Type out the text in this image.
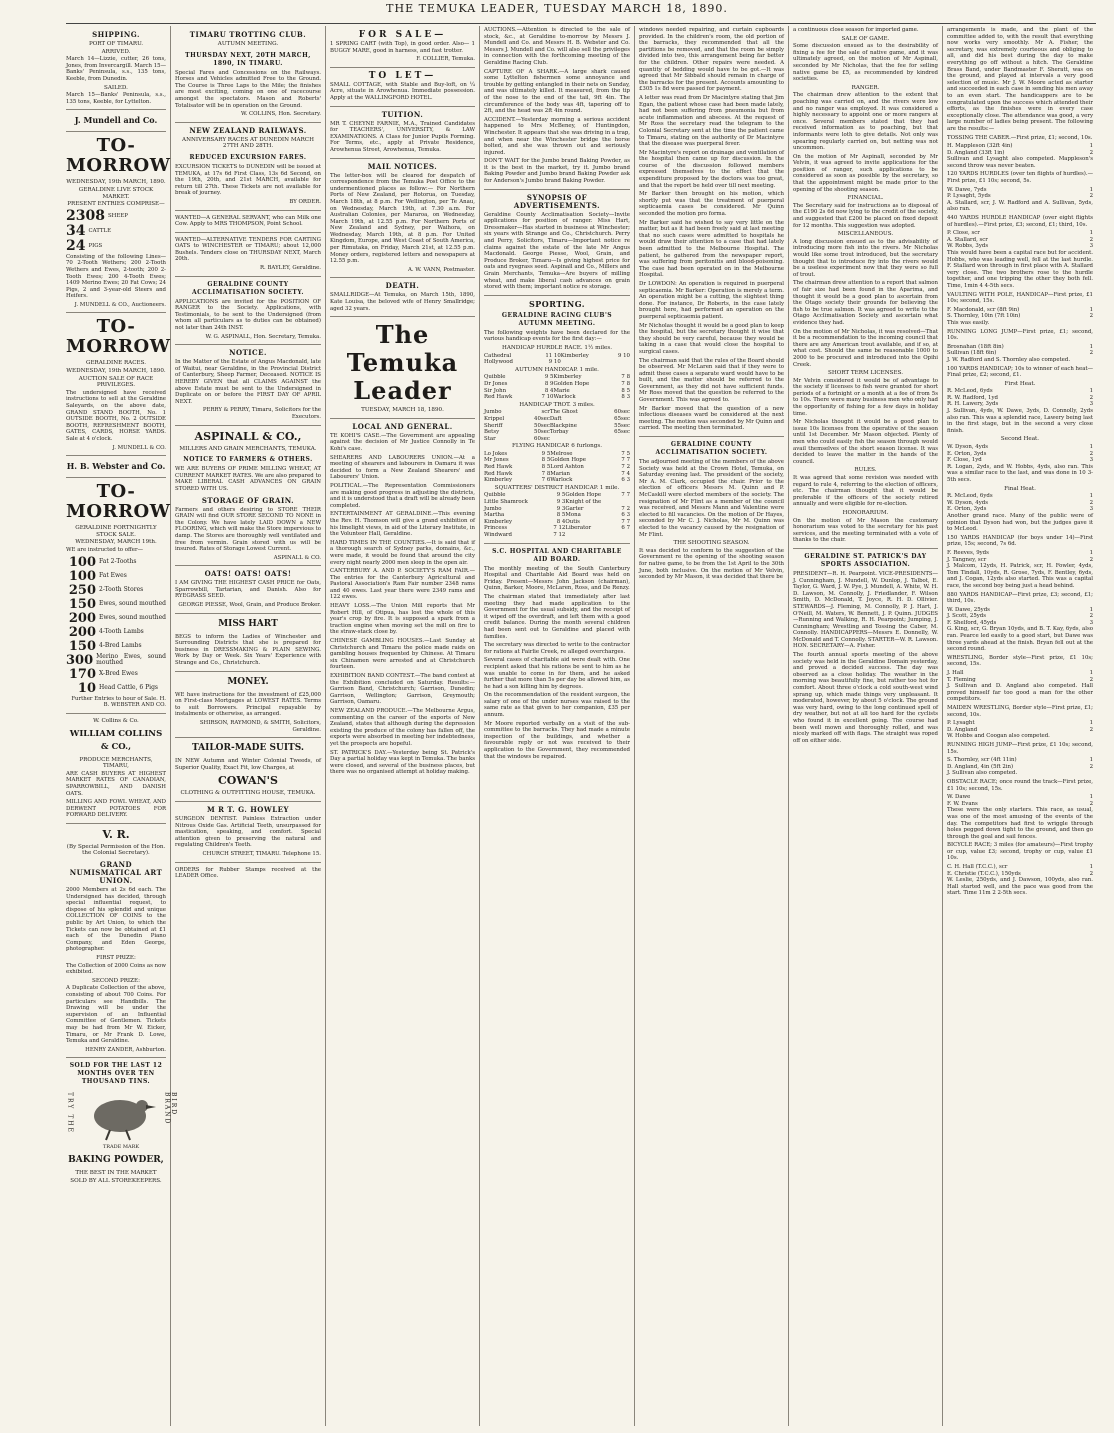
THE TEMUKA LEADER, TUESDAY MARCH 18, 1890.
SHIPPING.
PORT OF TIMARU.
ARRIVED.

March 14—Lizzie, cutter, 26 tons, Jones, from Invercargill. March 15—Banks' Peninsula, s.s., 135 tons, Keeble, from Dunedin.

SAILED.

March 15—Banks' Peninsula, s.s., 135 tons, Keeble, for Lyttelton.

J. Mundell and Co.
TO-MORROW
WEDNESDAY, 19th MARCH, 1890.
GERALDINE LIVE STOCK MARKET.
PRESENT ENTRIES COMPRISE—
2308 SHEEP
34 CATTLE
24 PIGS

Consisting of the following Lines— 70 2-Tooth Wethers; 200 2-Tooth Wethers and Ewes, 2-tooth; 200 2-Tooth Ewes; 200 4-Tooth Ewes; 1409 Merino Ewes; 20 Fat Cows; 24 Pigs, 2 and 3-year-old Steers and Heifers.

J. MUNDELL & CO., Auctioneers.

TO-MORROW
GERALDINE RACES.
WEDNESDAY, 19th MARCH, 1890.
AUCTION SALE OF RACE PRIVILEGES.

The undersigned have received instructions to sell at the Geraldine Saleyards, on the above date, GRAND STAND BOOTH, No. 1 OUTSIDE BOOTH, No. 2 OUTSIDE BOOTH, REFRESHMENT BOOTH, GATES, CARDS, HORSE YARDS. Sale at 4 o'clock.

J. MUNDELL & CO.

H. B. Webster and Co.
TO-MORROW
GERALDINE FORTNIGHTLY STOCK SALE.
WEDNESDAY, MARCH 19th.

WE are instructed to offer—

100 Fat 2-Tooths
100 Fat Ewes
250 2-Tooth Stores
150 Ewes, sound mouthed
200 Ewes, sound mouthed
200 4-Tooth Lambs
150 4-Bred Lambs
300 Merino Ewes, sound mouthed
170 X-Bred Ewes
10 Head Cattle, 6 Pigs

Further Entries to hour of Sale. H. B. WEBSTER AND CO.

W. Collins & Co.
WILLIAM COLLINS & CO.,
PRODUCE MERCHANTS, TIMARU,

ARE CASH BUYERS AT HIGHEST MARKET RATES OF CANADIAN, SPARROWBILL, AND DANISH OATS.

MILLING AND FOWL WHEAT, AND DERWENT POTATOES FOR FORWARD DELIVERY.

V. R.
(By Special Permission of the Hon. the Colonial Secretary).
GRAND NUMISMATICAL ART UNION.

2000 Members at 2s 6d each. The Undersigned has decided, through special influential request, to dispose of his splendid and unique COLLECTION OF COINS to the public by Art Union, to which the Tickets can now be obtained at £1 each of the Dunedin Piano Company, and Eden George, photographer.

FIRST PRIZE:

The Collection of 2000 Coins as now exhibited.

SECOND PRIZE:

A Duplicate Collection of the above, consisting of about 700 Coins. For particulars see Handbills. The Drawing will be under the supervision of an Influential Committee of Gentlemen. Tickets may be had from Mr W. Eicker, Timaru, or Mr Frank D. Lowe, Temuka and Geraldine.

HENRY ZANDER, Ashburton.

SOLD FOR THE LAST 12 MONTHS OVER TEN THOUSAND TINS.
TRY THE	BIRD BRAND
TRADE MARK
BAKING POWDER,
THE BEST IN THE MARKET
SOLD BY ALL STOREKEEPERS.
TIMARU TROTTING CLUB.
AUTUMN MEETING.
THURSDAY NEXT, 20TH MARCH, 1890, IN TIMARU.

Special Fares and Concessions on the Railways. Horses and Vehicles admitted Free to the Ground. The Course is Three Laps to the Mile; the finishes are most exciting, coming on one of racecourse amongst the spectators. Mason and Roberts' Totalisator will be in operation on the Ground.

W. COLLINS, Hon. Secretary.

NEW ZEALAND RAILWAYS.
ANNIVERSARY RACES AT DUNEDIN MARCH 27TH AND 28TH.
REDUCED EXCURSION FARES.

EXCURSION TICKETS to DUNEDIN will be issued at TEMUKA, at 17s 6d First Class, 13s 6d Second, on the 19th, 20th, and 21st MARCH, available for return till 27th. These Tickets are not available for break of journey.

BY ORDER.

WANTED—A GENERAL SERVANT, who can Milk one Cow. Apply to MRS THOMPSON, Point School.

WANTED—ALTERNATIVE TENDERS FOR CARTING OATS to WINCHESTER or TIMARU; about 12,000 Bushels. Tenders close on THURSDAY NEXT, March 20th.

R. BAYLEY, Geraldine.

GERALDINE COUNTY ACCLIMATISATION SOCIETY.

APPLICATIONS are invited for the POSITION OF RANGER to the Society. Applications, with Testimonials, to be sent to the Undersigned (from whom all particulars as to duties can be obtained) not later than 24th INST.

W. G. ASPINALL, Hon. Secretary, Temuka.

NOTICE.

In the Matter of the Estate of Angus Macdonald, late of Waitui, near Geraldine, in the Provincial District of Canterbury, Sheep Farmer, Deceased. NOTICE IS HEREBY GIVEN that all CLAIMS AGAINST the above Estate must be sent to the Undersigned in Duplicate on or before the FIRST DAY OF APRIL NEXT.

PERRY & PERRY, Timaru, Solicitors for the Executors.

ASPINALL & CO.,
MILLERS AND GRAIN MERCHANTS, TEMUKA.
NOTICE TO FARMERS & OTHERS.

WE ARE BUYERS OF PRIME MILLING WHEAT, AT CURRENT MARKET RATES. We are also prepared to MAKE LIBERAL CASH ADVANCES ON GRAIN STORED WITH US.

STORAGE OF GRAIN.

Farmers and others desiring to STORE THEIR GRAIN will find OUR STORE SECOND TO NONE in the Colony. We have lately LAID DOWN a NEW FLOORING, which will make the Store impervious to damp. The Stores are thoroughly well ventilated and free from vermin. Grain stored with us will be insured. Rates of Storage Lowest Current.

ASPINALL & CO.

OATS! OATS! OATS!

I AM GIVING THE HIGHEST CASH PRICE for Oats, Sparrowbill, Tartarian, and Danish. Also for RYEGRASS SEED.

GEORGE PIESSE, Wool, Grain, and Produce Broker.

MISS HART

BEGS to inform the Ladies of Winchester and Surrounding Districts that she is prepared for business in DRESSMAKING & PLAIN SEWING. Work by Day or Week. Six Years' Experience with Strange and Co., Christchurch.

MONEY.

WE have instructions for the investment of £25,000 on First-class Mortgages at LOWEST RATES. Terms to suit Borrowers. Principal repayable by instalments or otherwise, as arranged.

SHIRSON, RAYMOND, & SMITH, Solicitors, Geraldine.

TAILOR-MADE SUITS.

IN NEW Autumn and Winter Colonial Tweeds, of Superior Quality, Exact Fit, low Charges, at

COWAN'S
CLOTHING & OUTFITTING HOUSE, TEMUKA.
M R T. G. HOWLEY

SURGEON DENTIST. Painless Extraction under Nitrous Oxide Gas. Artificial Teeth, unsurpassed for mastication, speaking, and comfort. Special attention given to preserving the natural and regulating Children's Teeth.

CHURCH STREET, TIMARU. Telephone 15.

ORDERS for Rubber Stamps received at the LEADER Office.

FOR SALE—

1 SPRING CART (with Top), in good order. Also— 1 BUGGY MARE, good in harness, and fast trotter.

F. COLLIER, Temuka.

TO LET—

SMALL COTTAGE, with Stable and Buy-loft, on ¼ Acre, situate in Arowhenua. Immediate possession. Apply at the WALLINGFORD HOTEL.

TUITION.

MR T. CHEYNE FARNIE, M.A., Trained Candidates for TEACHERS', UNIVERSITY, & LAW EXAMINATIONS. A Class for Junior Pupils Forming. For Terms, etc., apply at Private Residence, Arowhenua Street, Arowhenua, Temuka.

MAIL NOTICES.

The letter-box will be cleared for despatch of correspondence from the Temuka Post Office to the undermentioned places as follow:— For Northern Ports of New Zealand, per Rotorua, on Tuesday, March 18th, at 8 p.m. For Wellington, per Te Anau, on Wednesday, March 19th, at 7.30 a.m. For Australian Colonies, per Mararoa, on Wednesday, March 19th, at 12.55 p.m. For Northern Ports of New Zealand and Sydney, per Waihora, on Wednesday, March 19th, at 8 p.m. For United Kingdom, Europe, and West Coast of South America, per Rimutaka, on Friday, March 21st, at 12.55 p.m. Money orders, registered letters and newspapers at 12.55 p.m.

A. W. VANN, Postmaster.

DEATH.

SMALLRIDGE—At Temuka, on March 15th, 1890, Kate Louisa, the beloved wife of Henry Smallridge; aged 32 years.

The Temuka Leader
TUESDAY, MARCH 18, 1890.
LOCAL AND GENERAL.

TE KOHI'S CASE.—The Government are appealing against the decision of Mr Justice Connolly in Te Kohi's case.

SHEARERS AND LABOURERS UNION.—At a meeting of shearers and labourers in Oamaru it was decided to form a New Zealand Shearers' and Labourers' Union.

POLITICAL.—The Representation Commissioners are making good progress in adjusting the districts, and it is understood that a draft will be already been completed.

ENTERTAINMENT AT GERALDINE.—This evening the Rev. H. Thomson will give a grand exhibition of his limelight views, in aid of the Literary Institute, in the Volunteer Hall, Geraldine.

HARD TIMES IN THE COUNTIES.—It is said that if a thorough search of Sydney parks, domains, &c., were made, it would be found that around the city every night nearly 2000 men sleep in the open air.

CANTERBURY A. AND P. SOCIETY'S RAM FAIR.—The entries for the Canterbury Agricultural and Pastoral Association's Ram Fair number 2348 rams and 40 ewes. Last year there were 2349 rams and 122 ewes.

HEAVY LOSS.—The Union Mill reports that Mr Robert Hill, of Otipua, has lost the whole of this year's crop by fire. It is supposed a spark from a traction engine when moving set the mill on fire to the straw-stack close by.

CHINESE GAMBLING HOUSES.—Last Sunday at Christchurch and Timaru the police made raids on gambling houses frequented by Chinese. At Timaru six Chinamen were arrested and at Christchurch fourteen.

EXHIBITION BAND CONTEST.—The band contest at the Exhibition concluded on Saturday. Results:—Garrison Band, Christchurch; Garrison, Dunedin; Garrison, Wellington; Garrison, Greymouth; Garrison, Oamaru.

NEW ZEALAND PRODUCE.—The Melbourne Argus, commenting on the career of the exports of New Zealand, states that although during the depression existing the produce of the colony has fallen off, the exports were absorbed in meeting her indebtedness, yet the prospects are hopeful.

ST. PATRICK'S DAY.—Yesterday being St. Patrick's Day a partial holiday was kept in Temuka. The banks were closed, and several of the business places, but there was no organised attempt at holiday making.

AUCTIONS.—Attention is directed to the sale of stock, &c., at Geraldine to-morrow by Messrs J. Mundell and Co. and Messrs H. B. Webster and Co. Messrs J. Mundell and Co. will also sell the privileges in connection with the forthcoming meeting of the Geraldine Racing Club.

CAPTURE OF A SHARK.—A large shark caused some Lyttelton fishermen some annoyance and trouble by getting entangled in their nets on Sunday, and was ultimately killed. It measured, from the tip of the nose to the end of the tail, 9ft 4in. The circumference of the body was 4ft, tapering off to 2ft, and the head was 2ft 4in round.

ACCIDENT.—Yesterday morning a serious accident happened to Mrs McBeney, of Huntingdon, Winchester. It appears that she was driving in a trap, and when near the Winchester bridge the horse bolted, and she was thrown out and seriously injured.

DON'T WAIT for the Jumbo brand Baking Powder, as it is the best in the market, try it. Jumbo brand Baking Powder and Jumbo brand Baking Powder ask for Anderson's Jumbo brand Baking Powder.

SYNOPSIS OF ADVERTISEMENTS.

Geraldine County Acclimatisation Society—Invite applications for position of ranger. Miss Hart, Dressmaker—Has started in business at Winchester; six years with Strange and Co., Christchurch. Perry and Perry, Solicitors, Timaru—Important notice re claims against the estate of the late Mr Angus Macdonald. George Piesse, Wool, Grain, and Produce Broker, Timaru—Is giving highest price for oats and ryegrass seed. Aspinall and Co., Millers and Grain Merchants, Temuka—Are buyers of milling wheat, and make liberal cash advances on grain stored with them; important notice re storage.

SPORTING.
GERALDINE RACING CLUB'S AUTUMN MEETING.

The following weights have been declared for the various handicap events for the first day:—

HANDICAP HURDLE RACE. 1½ miles.
Cathedral	11 10	Kimberley	9 10
Hollywood	9 10		
AUTUMN HANDICAP. 1 mile.
Quibble	9 5	Kimberley	7 8
Dr Jones	8 9	Golden Hope	7 8
Sir John	8 4	Marie	8 5
Red Hawk	7 10	Warlock	8 3
HANDICAP TROT. 3 miles.
Jumbo	scr	The Ghost	60sec
Krippel	40sec	Daft	65sec
Sheriff	50sec	Blackpine	55sec
Betsy	50sec	Torbay	65sec
Star	60sec		
FLYING HANDICAP. 6 furlongs.
Lo Jokes	9 5	Melrose	7 5
Mr Jones	8 5	Golden Hope	7 7
Red Hawk	8 5	Lord Ashton	7 2
Red Hawk	7 8	Marian	7 4
Kimberley	7 6	Warlock	6 3
SQUATTERS' DISTRICT HANDICAP. 1 mile.
Quibble	9 5	Golden Hope	7 7
Little Shamrock	9 3	Knight of the	
Jumbo	9 3	Garter	7 2
Martha	8 5	Mona	6 3
Kimberley	8 4	Outis	7 7
Princess	7 12	Liberator	6 7
Windward	7 12		
S.C. HOSPITAL AND CHARITABLE AID BOARD.

The monthly meeting of the South Canterbury Hospital and Charitable Aid Board was held on Friday. Present—Messrs John Jackson (chairman), Quinn, Barker, Moore, McLaren, Ross, and De Renzy.

The chairman stated that immediately after last meeting they had made application to the Government for the usual subsidy, and the receipt of it wiped off the overdraft, and left them with a good credit balance. During the month several children had been sent out to Geraldine and placed with families.

The secretary was directed to write to the contractor for rations at Fairlie Creek, re alleged overcharges.

Several cases of charitable aid were dealt with. One recipient asked that his rations be sent to him as he was unable to come in for them, and he asked further that more than 5s per day be allowed him, as he had a son killing him by degrees.

On the recommendation of the resident surgeon, the salary of one of the under nurses was raised to the same rate as that given to her companion, £35 per annum.

Mr Moore reported verbally on a visit of the sub-committee to the barracks. They had made a minute inspection of the buildings, and whether a favourable reply or not was received to their application to the Government, they recommended that the windows be repaired.

windows needed repairing, and curtain cupboards provided. In the children's room, the old portion of the barracks, they recommended that all the partitions be removed, and that the room be simply divided into two, this arrangement being far better for the children. Other repairs were needed. A quantity of bedding would have to be got.—It was agreed that Mr Sibbald should remain in charge of the barracks for the present. Accounts amounting to £305 1s 8d were passed for payment.

A letter was read from Dr Macintyre stating that Jim Egan, the patient whose case had been made lately, had not been suffering from pneumonia but from acute inflammation and abscess. At the request of Mr Ross the secretary read the telegram to the Colonial Secretary sent at the time the patient came to Timaru, stating on the authority of Dr Macintyre that the disease was puerperal fever.

Mr Macintyre's report on drainage and ventilation of the hospital then came up for discussion. In the course of the discussion followed members expressed themselves to the effect that the expenditure proposed by the doctors was too great, and that the report be held over till next meeting.

Mr Barker then brought on his motion, which shortly put was that the treatment of puerperal septicaemia cases be considered. Mr Quinn seconded the motion pro forma.

Mr Barker said he wished to say very little on the matter, but as it had been freely said at last meeting that no such cases were admitted to hospitals he would draw their attention to a case that had lately been admitted to the Melbourne Hospital. The patient, he gathered from the newspaper report, was suffering from peritonitis and blood-poisoning. The case had been operated on in the Melbourne Hospital.

Dr LOWDON: An operation is required in puerperal septicaemia. Mr Barker: Operation is merely a term. An operation might be a cutting, the slightest thing done. For instance, Dr Roberts, in the case lately brought here, had performed an operation on the puerperal septicaemia patient.

Mr Nicholas thought it would be a good plan to keep the hospital, but the secretary thought it wise that they should be very careful, because they would be taking in a case that would close the hospital to surgical cases.

The chairman said that the rules of the Board should be observed. Mr McLaren said that if they were to admit these cases a separate ward would have to be built, and the matter should be referred to the Government, as they did not have sufficient funds. Mr Ross moved that the question be referred to the Government. This was agreed to.

Mr Barker moved that the question of a new infectious diseases ward be considered at the next meeting. The motion was seconded by Mr Quinn and carried. The meeting then terminated.

GERALDINE COUNTY ACCLIMATISATION SOCIETY.

The adjourned meeting of the members of the above Society was held at the Crown Hotel, Temuka, on Saturday evening last. The president of the society, Mr A. M. Clark, occupied the chair. Prior to the election of officers Messrs M. Quinn and P. McCaskill were elected members of the society. The resignation of Mr Flint as a member of the council was received, and Messrs Mann and Valentine were elected to fill vacancies. On the motion of Dr Hayes, seconded by Mr C. J. Nicholas, Mr M. Quinn was elected to the vacancy caused by the resignation of Mr Flint.

THE SHOOTING SEASON.

It was decided to conform to the suggestion of the Government re the opening of the shooting season for native game, to be from the 1st April to the 30th June, both inclusive. On the motion of Mr Velvin, seconded by Mr Mason, it was decided that there be

a continuous close season for imported game.

SALE OF GAME.

Some discussion ensued as to the desirability of fixing a fee for the sale of native game, and it was ultimately agreed, on the motion of Mr Aspinall, seconded by Mr Nicholas, that the fee for selling native game be £5, as recommended by kindred societies.

RANGER.

The chairman drew attention to the extent that poaching was carried on, and the rivers were low and no ranger was employed. It was considered a highly necessary to appoint one or more rangers at once. Several members stated that they had received information as to poaching, but that informants were loth to give details. Not only was spearing regularly carried on, but netting was not uncommon.

On the motion of Mr Aspinall, seconded by Mr Velvin, it was agreed to invite applications for the position of ranger, such applications to be considered as soon as possible by the secretary, so that the appointment might be made prior to the opening of the shooting season.

FINANCIAL.

The Secretary said for instructions as to disposal of the £190 2s 6d now lying to the credit of the society, and suggested that £200 be placed on fixed deposit for 12 months. This suggestion was adopted.

MISCELLANEOUS.

A long discussion ensued as to the advisability of introducing more fish into the rivers. Mr Nicholas would like some trout introduced, but the secretary thought that to introduce fry into the rivers would be a useless experiment now that they were so full of trout.

The chairman drew attention to a report that salmon of fair size had been found in the Aparima, and thought it would be a good plan to ascertain from the Otago society their grounds for believing the fish to be true salmon. It was agreed to write to the Otago Acclimatisation Society and ascertain what evidence they had.

On the motion of Mr Nicholas, it was resolved—That it be a recommendation to the incoming council that there are any American trout available, and if so, at what cost. Should the same be reasonable 1000 to 2000 to be procured and introduced into the Opihi Creek.

SHORT TERM LICENSES.

Mr Velvin considered it would be of advantage to the society if licenses to fish were granted for short periods of a fortnight or a month at a fee of from 5s to 10s. There were many business men who only had the opportunity of fishing for a few days in holiday time.

Mr Nicholas thought it would be a good plan to issue 10s licenses from the operative of the season until 1st December. Mr Mason objected. Plenty of men who could easily fish the season through would avail themselves of the short season license. It was decided to leave the matter in the hands of the council.

RULES.

It was agreed that some revision was needed with regard to rule 4, referring to the election of officers, etc. The chairman thought that it would be preferable if the officers of the society retired annually and were eligible for re-election.

HONORARIUM.

On the motion of Mr Mason the customary honorarium was voted to the secretary for his past services, and the meeting terminated with a vote of thanks to the chair.

GERALDINE ST. PATRICK'S DAY SPORTS ASSOCIATION.

PRESIDENT—R. H. Pearpoint. VICE-PRESIDENTS—J. Cunningham, J. Mundell, W. Dunlop, J. Talbot, E. Taylor, G. Ward, J. W. Pye, J. Mundell, A. White, W. H. D. Lawson, M. Connolly, J. Friedlander, F. Wilson Smith, D. McDonald, T. Joyce, R. H. D. Ollivier. STEWARDS—J. Fleming, M. Connolly, P. J. Hart, J. O'Neill, M. Waters, W. Bennett, J. P. Quinn. JUDGES—Running and Walking, R. H. Pearpoint; Jumping, J. Cunningham; Wrestling and Tossing the Caber, M. Connolly. HANDICAPPERS—Messrs E. Donnelly, W. McDonald and T. Connolly. STARTER—W. R. Lawson. HON. SECRETARY—A. Fisher.

The fourth annual sports meeting of the above society was held in the Geraldine Domain yesterday, and proved a decided success. The day was observed as a close holiday. The weather in the morning was beautifully fine, but rather too hot for comfort. About three o'clock a cold south-west wind sprang up, which made things very unpleasant. It moderated, however, by about 5 o'clock. The ground was very hard, owing to the long continued spell of dry weather, but not at all too hard for the cyclists who found it in excellent going. The course had been well mown and thoroughly rolled, and was nicely marked off with flags. The straight was roped off on either side.

arrangements is made, and the plant of the committee added to, with the result that everything now works very smoothly. Mr A. Fisher, the secretary, was extremely courteous and obliging to all, and did his best during the day to make everything go off without a hitch. The Geraldine Brass Band, under Bandmaster F. Sheratt, was on the ground, and played at intervals a very good selection of music. Mr J. W. Moore acted as starter and succeeded in each case in sending his men away to an even start. The handicappers are to be congratulated upon the success which attended their efforts, as the finishes were in every case exceptionally close. The attendance was good, a very large number of ladies being present. The following are the results:—

TOSSING THE CABER.—First prize, £1; second, 10s.

H. Mappleson (32ft 4in)	1
D. Angland (33ft 1in)	2

Sullivan and Lysaght also competed. Mappleson's second throw was never beaten.

120 YARDS HURDLES (over ten flights of hurdles).—First prize, £1 10s; second, 5s.

W. Dawe, 7yds	1
P. Lysaght, 5yds	2

A. Stallard, scr, J. W. Radford and A. Sullivan, 5yds, also ran.

440 YARDS HURDLE HANDICAP (over eight flights of hurdles).—First prize, £3; second, £1; third, 10s.

P. Close, scr	1
A. Stallard, scr	2
W. Robbs, 3yds	3

This would have been a capital race but for accident. Hobbs, who was leading well, fell at the last hurdle. F. Stallard won through in first place with A. Stallard very close. The two brothers rose to the hurdle together, and one tripping the other they both fell. Time, 1min 4 4-5th secs.

VAULTING WITH POLE, HANDICAP—First prize, £1 10s; second, 15s.

F. Macdonald, scr (8ft 9in)	1
S. Thornley, 10in (7ft 10in)	2

This was easily.

RUNNING LONG JUMP—First prize, £1; second, 10s.

Brosnahan (18ft 8in)	1
Sullivan (18ft 6in)	2

J. W. Radford and S. Thornley also competed.

100 YARDS HANDICAP; 10s to winner of each heat—Final prize, £2; second, £1.

First Heat.
R. McLeod, 6yds	1
R. W. Radford, 1yd	2
R. H. Lawery, 3yds	3

J. Sullivan, 4yds, W. Dawe, 3yds, D. Connolly, 2yds also ran. This was a splendid race, Lawery being last in the first stage, but in the second a very close finish.

Second Heat.
W. Dyson, 4yds	1
E. Orton, 3yds	2
F. Close, 1yd	3

R. Logan, 2yds, and W. Hobbs, 4yds, also ran. This was a similar race to the last, and was done in 10 3-5th secs.

Final Heat.
R. McLeod, 6yds	1
W. Dyson, 4yds	2
E. Orton, 3yds	3

Another grand race. Many of the public were of opinion that Dyson had won, but the judges gave it to McLeod.

150 YARDS HANDICAP (for boys under 14)—First prize, 15s; second, 7s 6d.

F. Reeves, 9yds	1
J. Tangney, scr	2

J. Malcom, 12yds, H. Patrick, scr, H. Fowler, 4yds, Tom Tindall, 10yds, R. Grose, 7yds, F. Bentley, 6yds, and J. Cogan, 12yds also started. This was a capital race, the second boy being just a head behind.

880 YARDS HANDICAP—First prize, £3; second, £1; third, 10s.

W. Dawe, 25yds	1
J. Scott, 25yds	2
F. Shelford, 45yds	3

G. King, scr, G. Bryan 10yds, and B. T. Kay, 6yds, also ran. Pearce led easily to a good start, but Dawe was three yards ahead at the finish. Bryan fell out at the second round.

WRESTLING, Border style—First prize, £1 10s; second, 15s.

J. Hall	1
T. Fleming	2

J. Sullivan and D. Angland also competed. Hall proved himself far too good a man for the other competitors.

MAIDEN WRESTLING, Border style—First prize, £1; second, 10s.

P. Lysaght	1
D. Angland	2

W. Hobbs and Coogan also competed.

RUNNING HIGH JUMP—First prize, £1 10s; second, 15s.

S. Thornley, scr (4ft 11in)	1
D. Angland, 4in (5ft 2in)	2

J. Sullivan also competed.

OBSTACLE RACE; once round the track—First prize, £1 10s; second, 15s.

W. Dawe	1
F. W. Evans	2

These were the only starters. This race, as usual, was one of the most amusing of the events of the day. The competitors had first to wriggle through holes pegged down tight to the ground, and then go through the goal and sail fences.

BICYCLE RACE; 3 miles (for amateurs)—First trophy or cup, value £3; second, trophy or cup, value £1 10s.

C. H. Hall (T.C.C.), scr	1
E. Christie (T.C.C.), 150yds	2

W. Leslie, 250yds, and J. Dawson, 100yds, also ran. Hall started well, and the pace was good from the start. Time 11m 2 2-5th secs.
